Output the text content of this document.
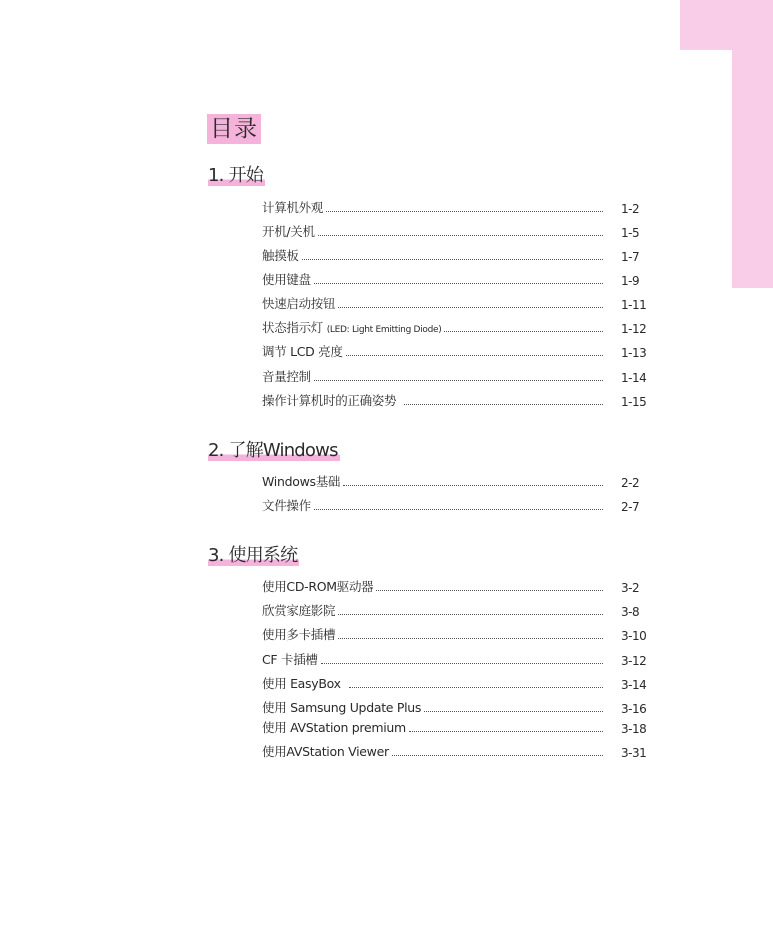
目录
1. 开始
计算机外观	1-2
开机/关机	1-5
触摸板	1-7
使用键盘	1-9
快速启动按钮	1-11
状态指示灯 (LED: Light Emitting Diode)	1-12
调节 LCD 亮度	1-13
音量控制	1-14
操作计算机时的正确姿势	1-15
2. 了解Windows
Windows基础	2-2
文件操作	2-7
3. 使用系统
使用CD-ROM驱动器	3-2
欣赏家庭影院	3-8
使用多卡插槽	3-10
CF 卡插槽	3-12
使用 EasyBox	3-14
使用 Samsung Update Plus	3-16
使用 AVStation premium	3-18
使用AVStation Viewer	3-31
